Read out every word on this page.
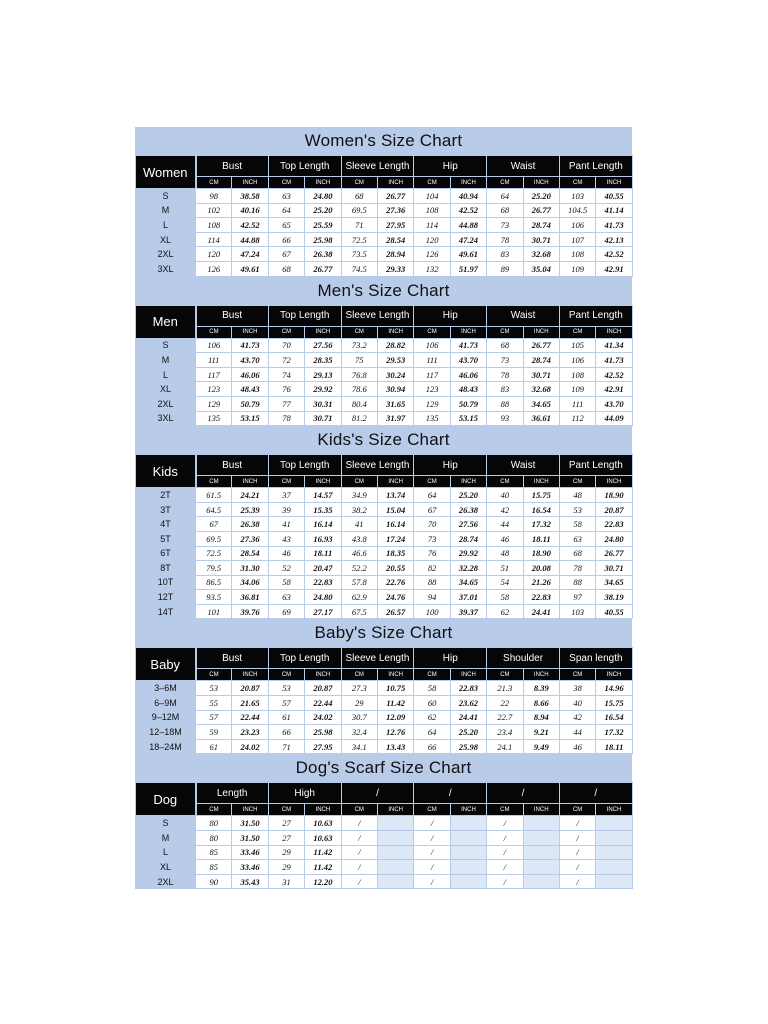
Women's Size Chart
Women	Bust		Top Length		Sleeve Length		Hip		Waist		Pant Length	
	CM	INCH	CM	INCH	CM	INCH	CM	INCH	CM	INCH	CM	INCH
S	98	38.58	63	24.80	68	26.77	104	40.94	64	25.20	103	40.55
M	102	40.16	64	25.20	69.5	27.36	108	42.52	68	26.77	104.5	41.14
L	108	42.52	65	25.59	71	27.95	114	44.88	73	28.74	106	41.73
XL	114	44.88	66	25.98	72.5	28.54	120	47.24	78	30.71	107	42.13
2XL	120	47.24	67	26.38	73.5	28.94	126	49.61	83	32.68	108	42.52
3XL	126	49.61	68	26.77	74.5	29.33	132	51.97	89	35.04	109	42.91
Men's Size Chart
Men	Bust		Top Length		Sleeve Length		Hip		Waist		Pant Length	
	CM	INCH	CM	INCH	CM	INCH	CM	INCH	CM	INCH	CM	INCH
S	106	41.73	70	27.56	73.2	28.82	106	41.73	68	26.77	105	41.34
M	111	43.70	72	28.35	75	29.53	111	43.70	73	28.74	106	41.73
L	117	46.06	74	29.13	76.8	30.24	117	46.06	78	30.71	108	42.52
XL	123	48.43	76	29.92	78.6	30.94	123	48.43	83	32.68	109	42.91
2XL	129	50.79	77	30.31	80.4	31.65	129	50.79	88	34.65	111	43.70
3XL	135	53.15	78	30.71	81.2	31.97	135	53.15	93	36.61	112	44.09
Kids's Size Chart
Kids	Bust		Top Length		Sleeve Length		Hip		Waist		Pant Length	
	CM	INCH	CM	INCH	CM	INCH	CM	INCH	CM	INCH	CM	INCH
2T	61.5	24.21	37	14.57	34.9	13.74	64	25.20	40	15.75	48	18.90
3T	64.5	25.39	39	15.35	38.2	15.04	67	26.38	42	16.54	53	20.87
4T	67	26.38	41	16.14	41	16.14	70	27.56	44	17.32	58	22.83
5T	69.5	27.36	43	16.93	43.8	17.24	73	28.74	46	18.11	63	24.80
6T	72.5	28.54	46	18.11	46.6	18.35	76	29.92	48	18.90	68	26.77
8T	79.5	31.30	52	20.47	52.2	20.55	82	32.28	51	20.08	78	30.71
10T	86.5	34.06	58	22.83	57.8	22.76	88	34.65	54	21.26	88	34.65
12T	93.5	36.81	63	24.80	62.9	24.76	94	37.01	58	22.83	97	38.19
14T	101	39.76	69	27.17	67.5	26.57	100	39.37	62	24.41	103	40.55
Baby's Size Chart
Baby	Bust		Top Length		Sleeve Length		Hip		Shoulder		Span length	
	CM	INCH	CM	INCH	CM	INCH	CM	INCH	CM	INCH	CM	INCH
3–6M	53	20.87	53	20.87	27.3	10.75	58	22.83	21.3	8.39	38	14.96
6–9M	55	21.65	57	22.44	29	11.42	60	23.62	22	8.66	40	15.75
9–12M	57	22.44	61	24.02	30.7	12.09	62	24.41	22.7	8.94	42	16.54
12–18M	59	23.23	66	25.98	32.4	12.76	64	25.20	23.4	9.21	44	17.32
18–24M	61	24.02	71	27.95	34.1	13.43	66	25.98	24.1	9.49	46	18.11
Dog's Scarf Size Chart
Dog	Length		High		/		/		/		/	
	CM	INCH	CM	INCH	CM	INCH	CM	INCH	CM	INCH	CM	INCH
S	80	31.50	27	10.63	/		/		/		/	
M	80	31.50	27	10.63	/		/		/		/	
L	85	33.46	29	11.42	/		/		/		/	
XL	85	33.46	29	11.42	/		/		/		/	
2XL	90	35.43	31	12.20	/		/		/		/	
